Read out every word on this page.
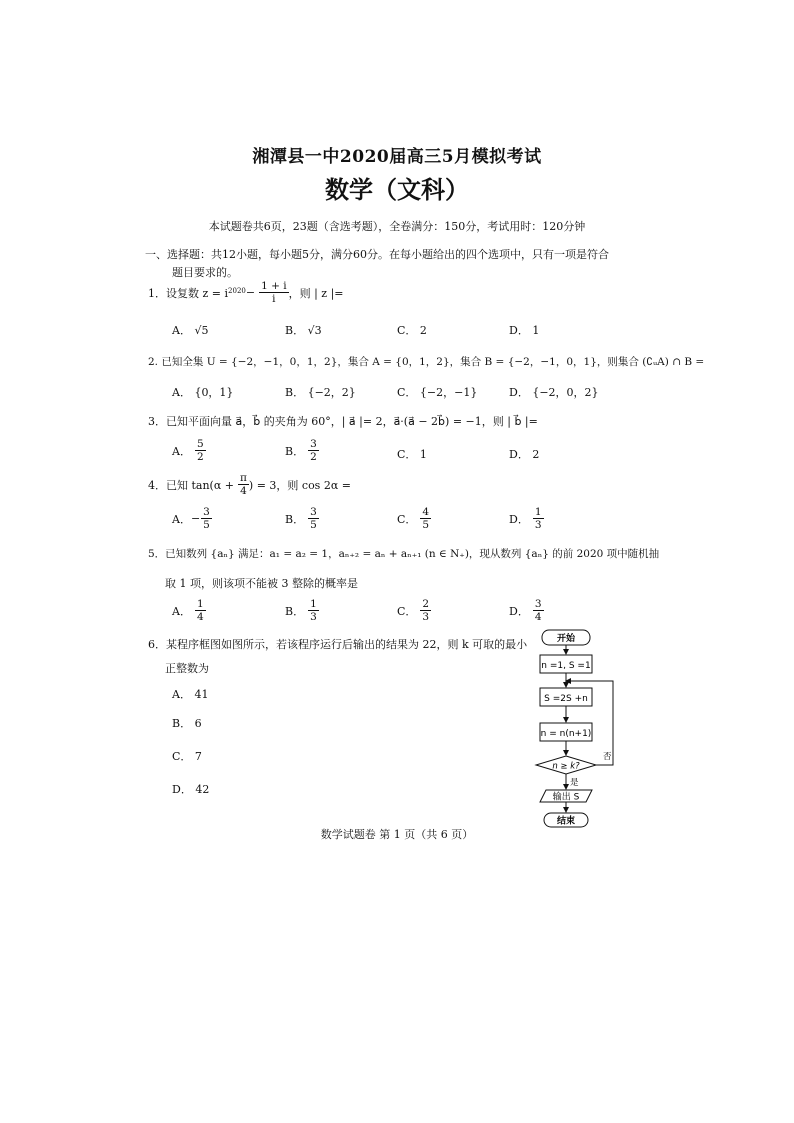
湘潭县一中2020届高三5月模拟考试
数学（文科）
本试题卷共6页，23题（含选考题），全卷满分：150分，考试用时：120分钟
一、选择题：共12小题，每小题5分，满分60分。在每小题给出的四个选项中，只有一项是符合
题目要求的。
1．设复数 $z = i^{2020} - \frac{1 + i}{i}$ ，则 | z |=
A． √5	B． √3	C． 2	D． 1
2. 已知全集 U = {−2，−1，0，1，2}，集合 A = {0，1，2}，集合 B = {−2，−1，0，1}，则集合 (∁ᵤA) ∩ B =
A． {0，1}	B． {−2，2}	C． {−2，−1}	D． {−2，0，2}
3．已知平面向量 a⃗，b⃗ 的夹角为 60°，| a⃗ |= 2，a⃗·(a⃗ − 2b⃗) = −1，则 | b⃗ |=
A． $\frac{5}{2}$	B． $\frac{3}{2}$	C． 1	D． 2
4．已知 $\tan(\alpha + \frac{\pi}{4}$ ) = 3，则 cos 2α =
A． − $\frac{3}{5}$	B． $\frac{3}{5}$	C． $\frac{4}{5}$	D． $\frac{1}{3}$
5．已知数列 {aₙ} 满足：a₁ = a₂ = 1，aₙ₊₂ = aₙ + aₙ₊₁ (n ∈ N₊)，现从数列 {aₙ} 的前 2020 项中随机抽
取 1 项，则该项不能被 3 整除的概率是
A． $\frac{1}{4}$	B． $\frac{1}{3}$	C． $\frac{2}{3}$	D． $\frac{3}{4}$
6．某程序框图如图所示，若该程序运行后输出的结果为 22，则 k 可取的最小
正整数为
A． 41
B． 6
C． 7
D． 42
开始
n =1, S =1
S =2S +n
n = n(n+1)
n ≥ k?
否
是
输出 S
结束
数学试题卷 第 1 页（共 6 页）
